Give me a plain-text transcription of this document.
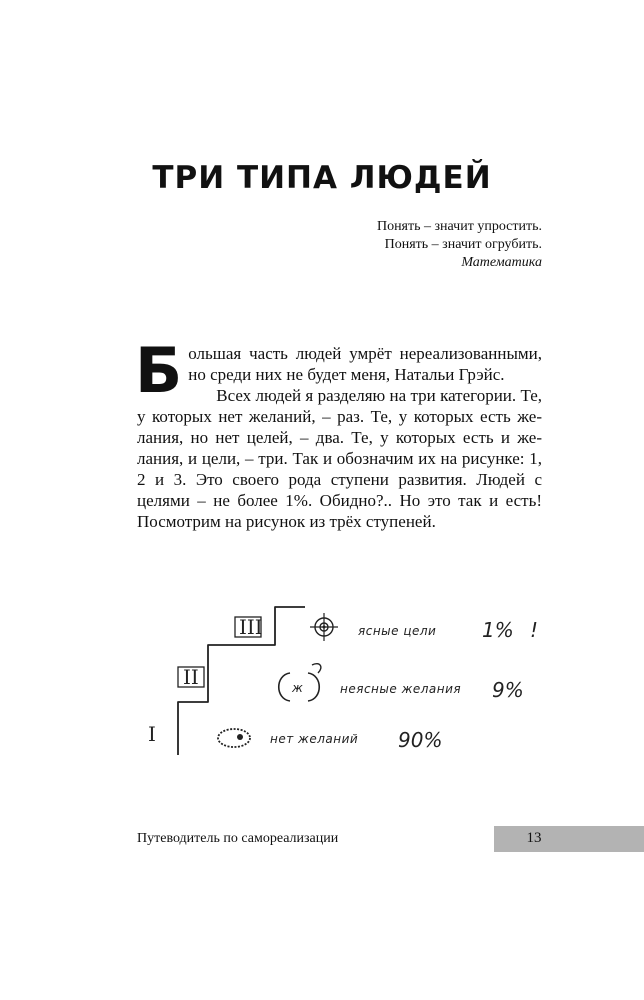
ТРИ ТИПА ЛЮДЕЙ
Понять – значит упростить.
Понять – значит огрубить.
Математика
Б ольшая часть людей умрёт нереализованными, но среди них не будет меня, Натальи Грэйс.

Всех людей я разделяю на три категории. Те, у которых нет желаний, – раз. Те, у которых есть желания, но нет целей, – два. Те, у которых есть и желания, и цели, – три. Так и обозначим их на рисунке: 1, 2 и 3. Это своего рода ступени развития. Людей с целями – не более 1%. Обидно?.. Но это так и есть! Посмотрим на рисунок из трёх ступеней.

III	ясные цели 1% !
II	ж	неясные желания 9%
I	нет желаний 90%
Путеводитель по самореализации	13
